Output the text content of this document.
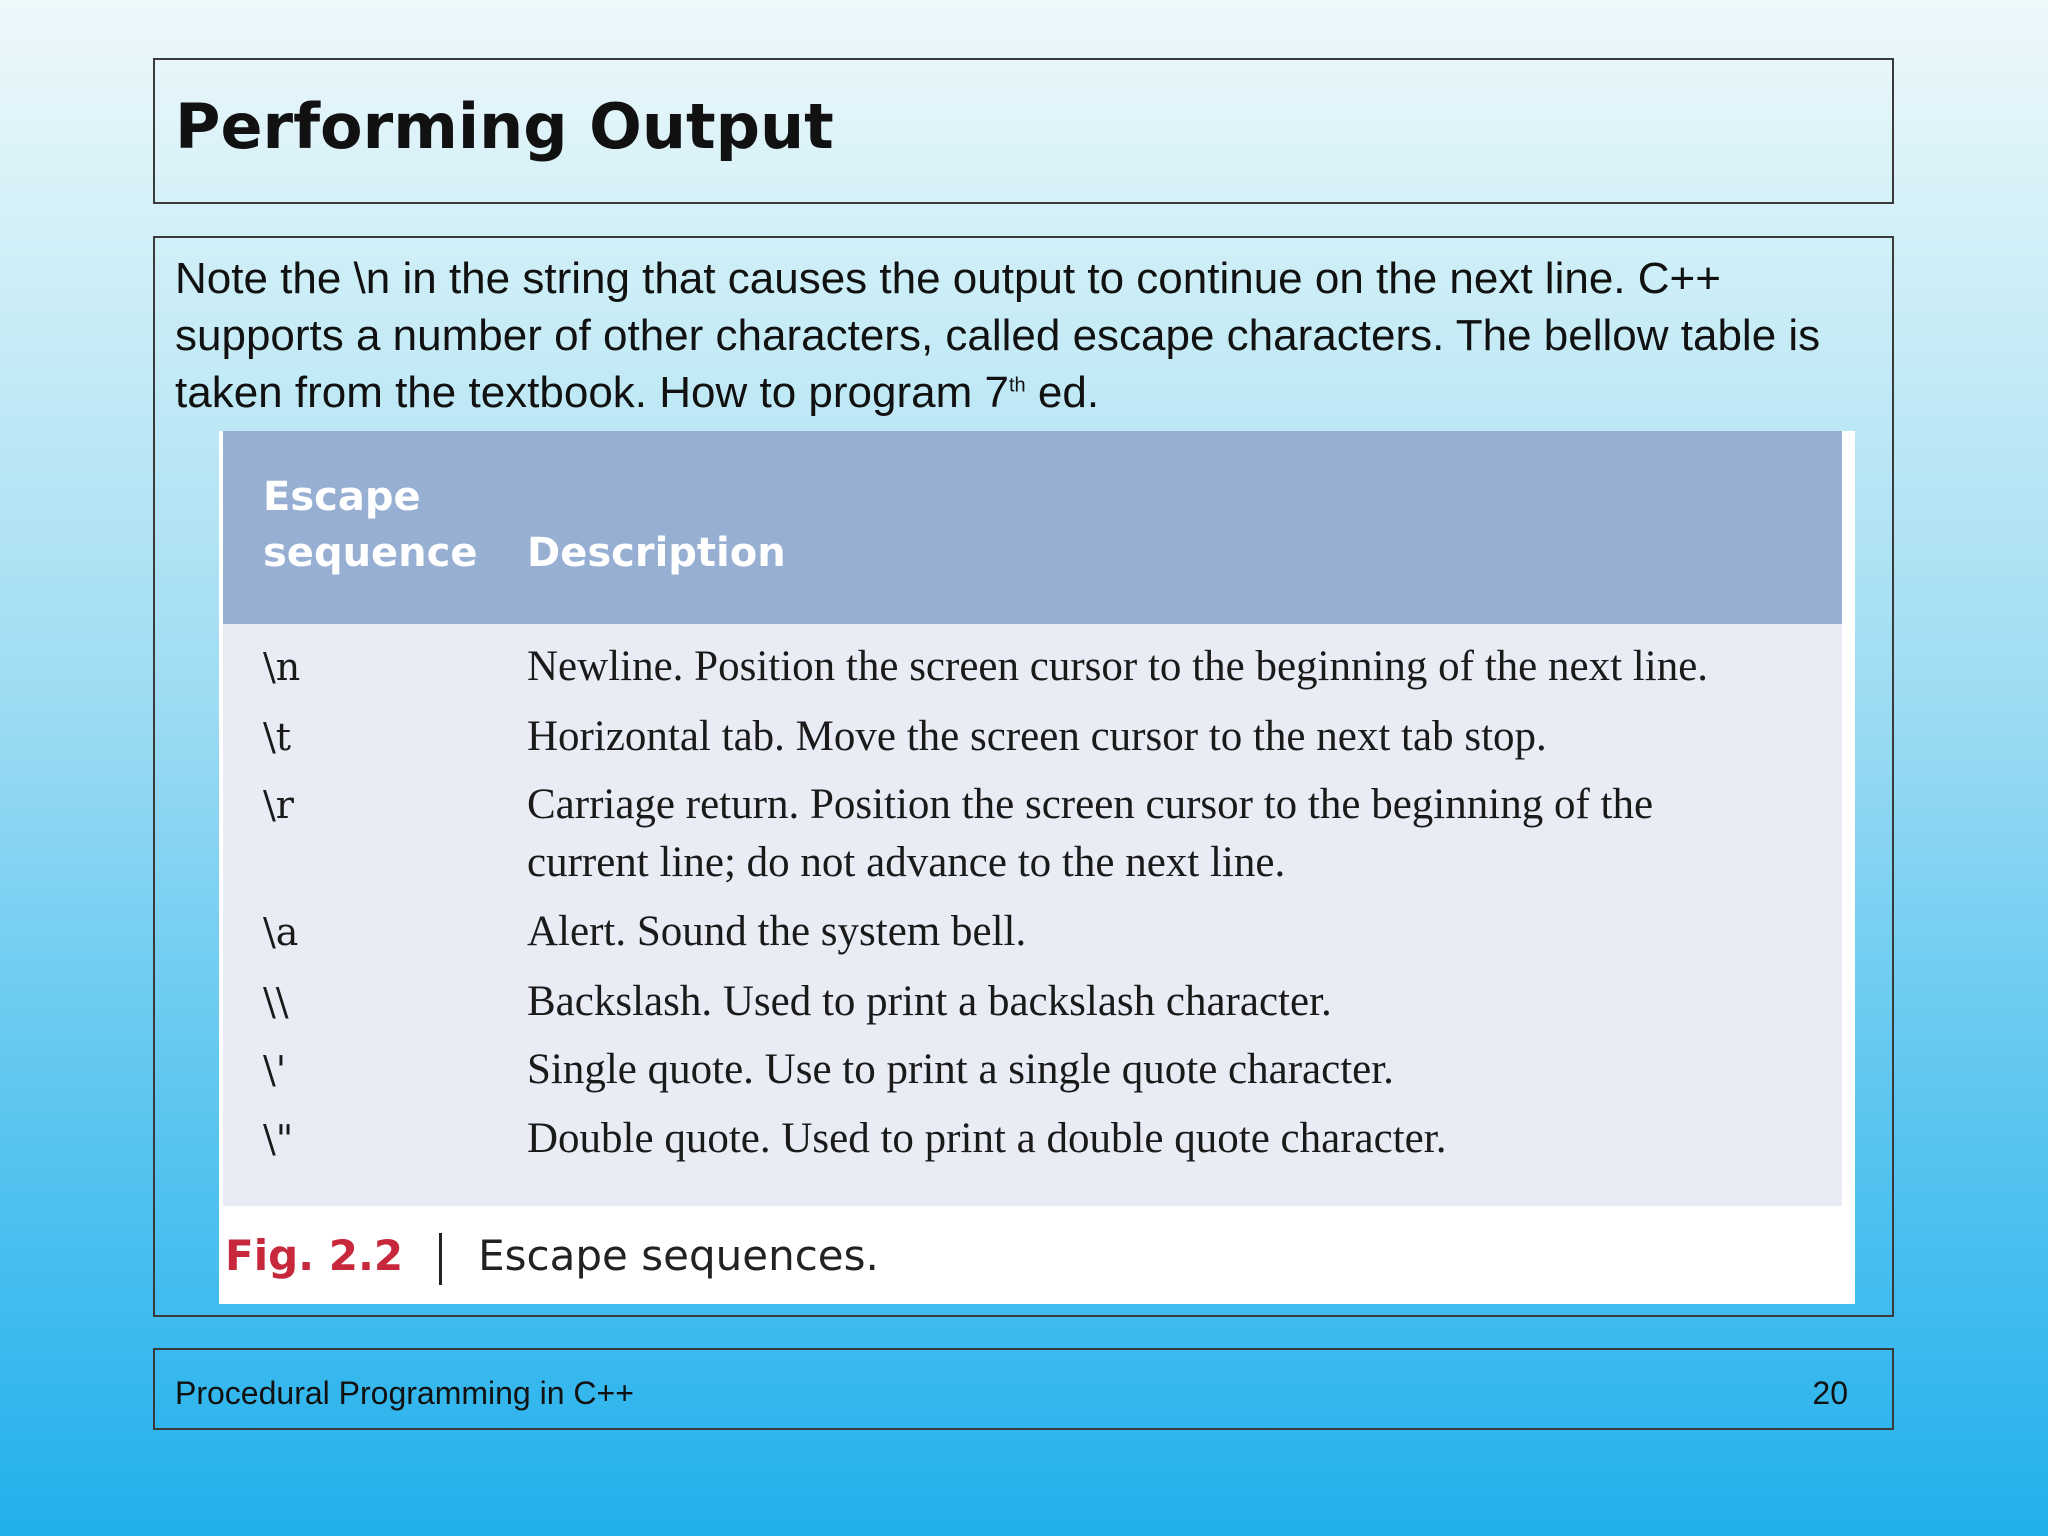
Performing Output

Note the \n in the string that causes the output to continue on the next line. C++ supports a number of other characters, called escape characters. The bellow table is taken from the textbook. How to program 7th ed.

Escape sequence	Description
\n	Newline. Position the screen cursor to the beginning of the next line.
\t	Horizontal tab. Move the screen cursor to the next tab stop.
\r	Carriage return. Position the screen cursor to the beginning of the current line; do not advance to the next line.
\a	Alert. Sound the system bell.
\\	Backslash. Used to print a backslash character.
\'	Single quote. Use to print a single quote character.
\"	Double quote. Used to print a double quote character.
Fig. 2.2 Escape sequences.
Procedural Programming in C++	20
